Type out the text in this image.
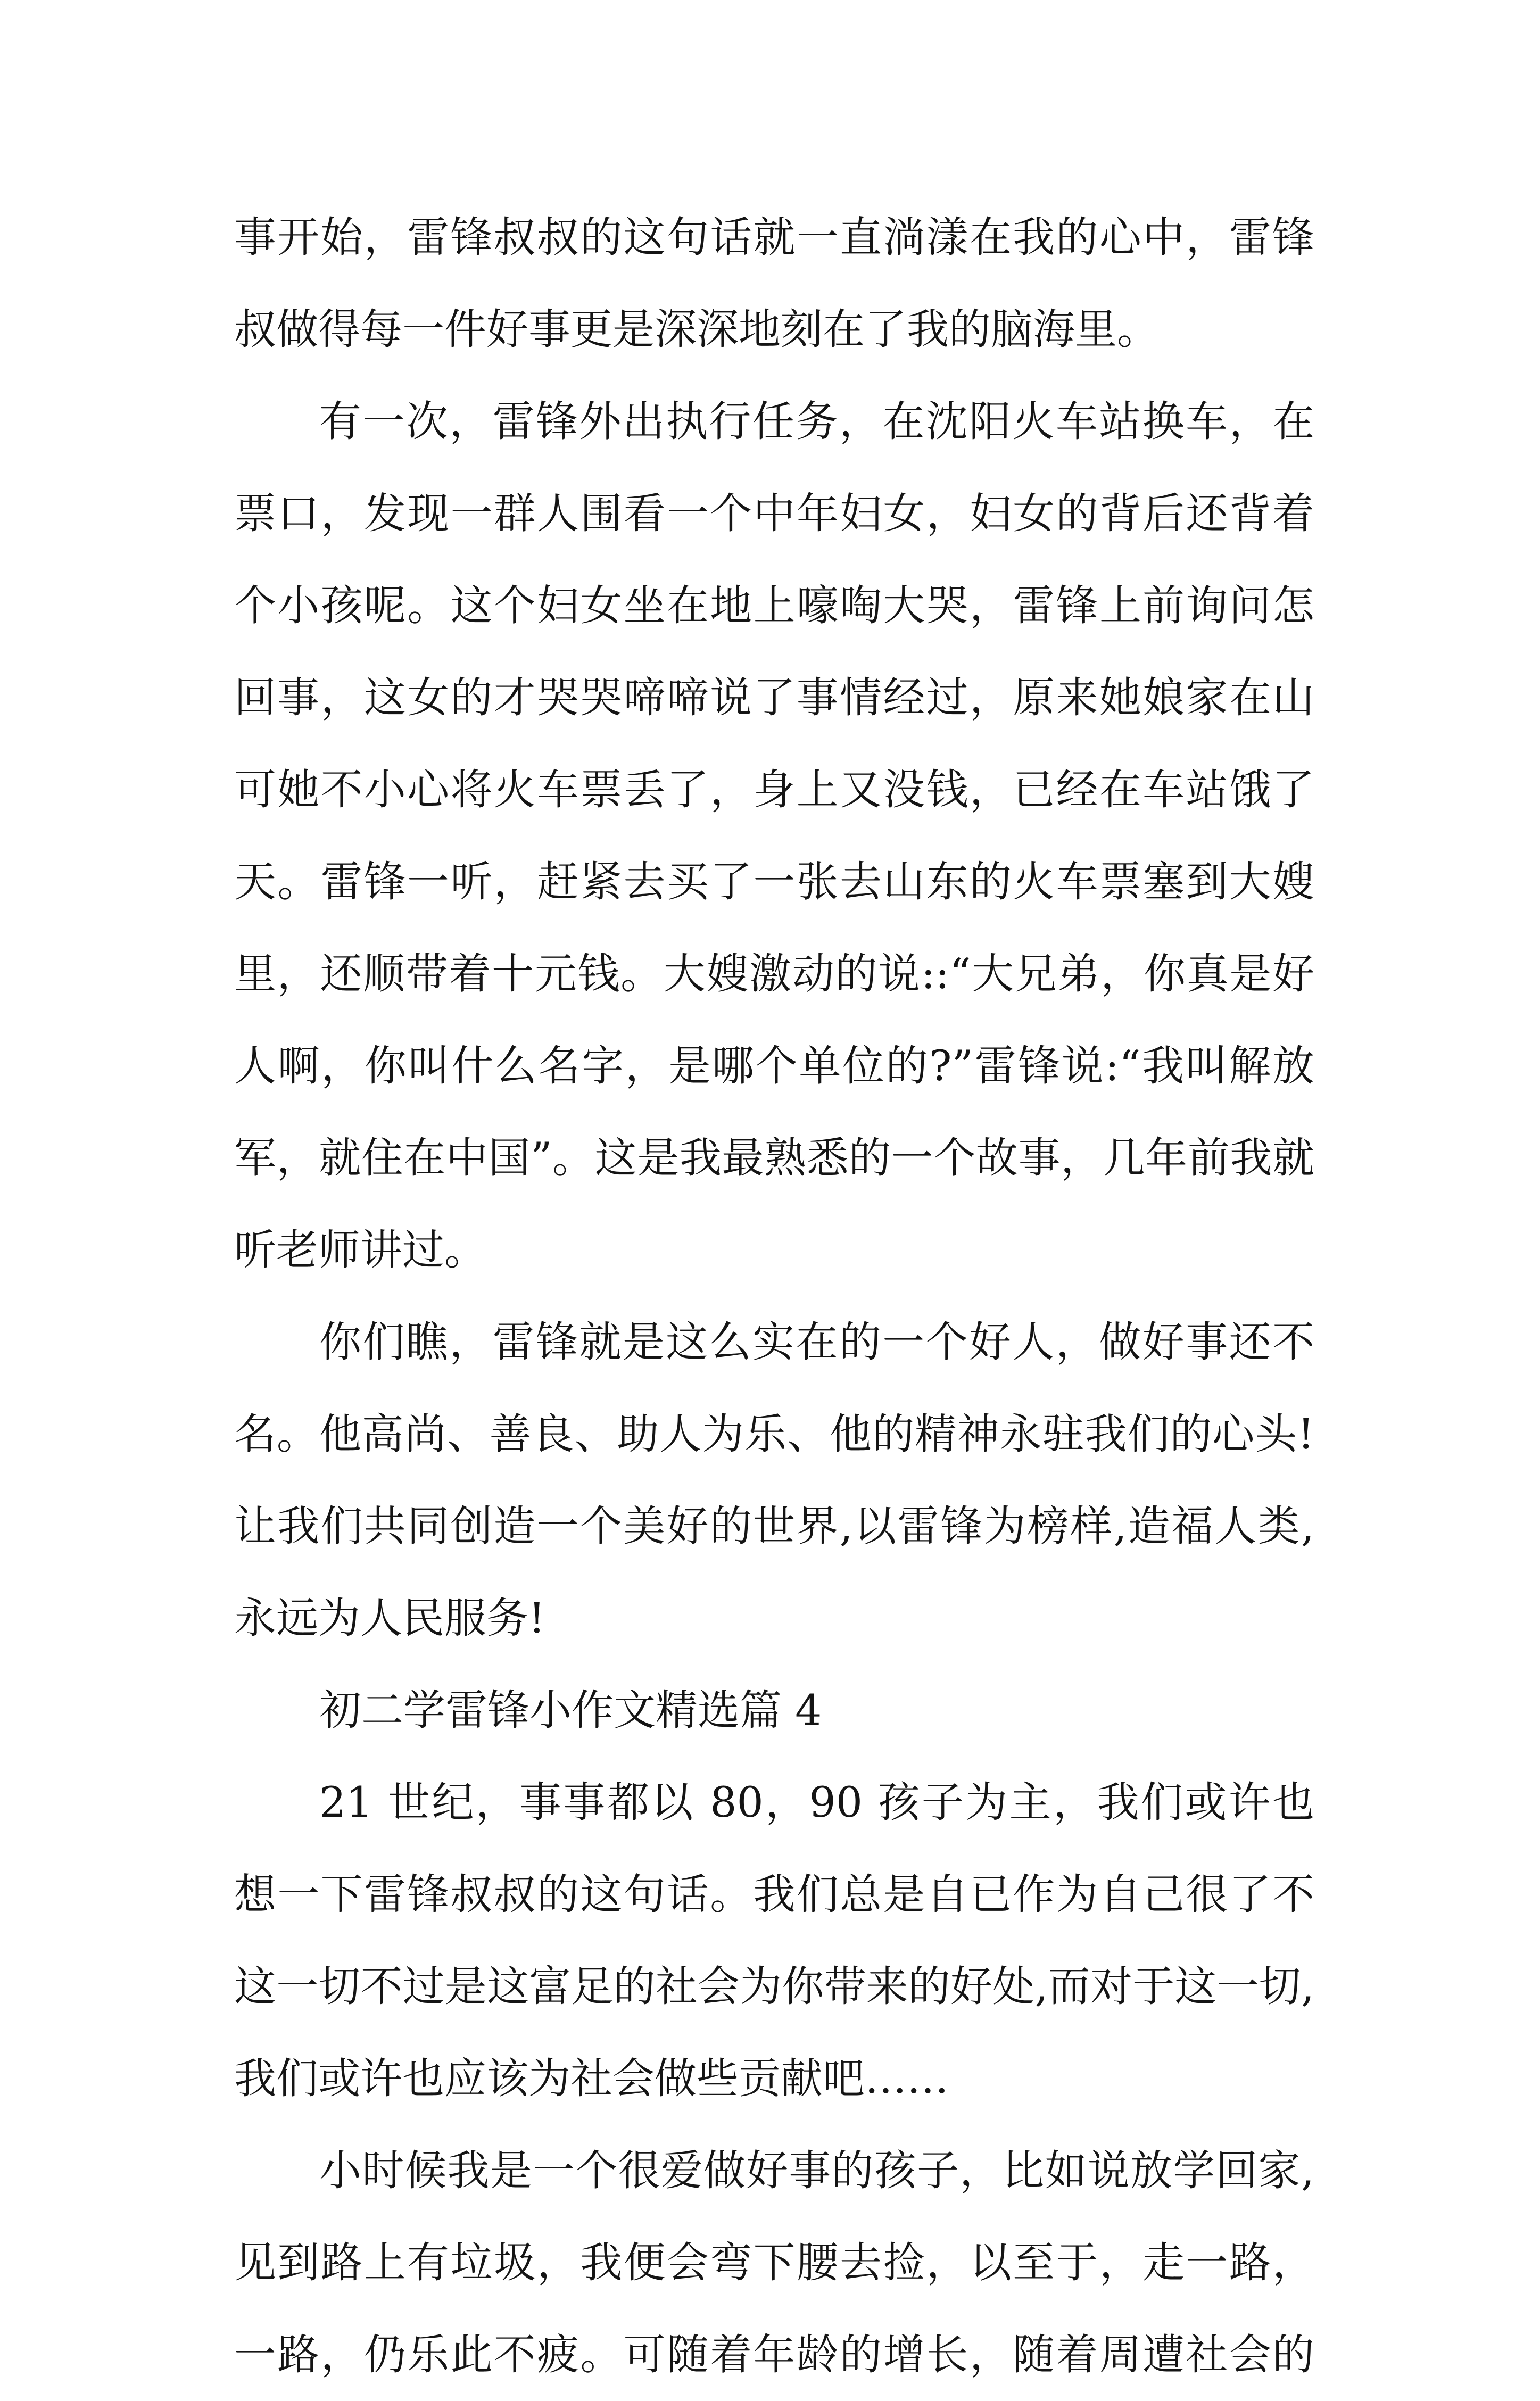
事开始，雷锋叔叔的这句话就一直淌漾在我的心中，雷锋
叔做得每一件好事更是深深地刻在了我的脑海里。
有一次，雷锋外出执行任务，在沈阳火车站换车，在
票口，发现一群人围看一个中年妇女，妇女的背后还背着
个小孩呢。这个妇女坐在地上嚎啕大哭，雷锋上前询问怎
回事，这女的才哭哭啼啼说了事情经过，原来她娘家在山
可她不小心将火车票丢了，身上又没钱，已经在车站饿了
天。雷锋一听，赶紧去买了一张去山东的火车票塞到大嫂
里，还顺带着十元钱。大嫂激动的说::“大兄弟，你真是好
人啊，你叫什么名字，是哪个单位的?”雷锋说:“我叫解放
军，就住在中国”。这是我最熟悉的一个故事，几年前我就
听老师讲过。
你们瞧，雷锋就是这么实在的一个好人，做好事还不
名。他高尚、善良、助人为乐、他的精神永驻我们的心头!
让我们共同创造一个美好的世界,以雷锋为榜样,造福人类,
永远为人民服务!
初二学雷锋小作文精选篇 4
21 世纪，事事都以 80，90 孩子为主，我们或许也
想一下雷锋叔叔的这句话。我们总是自已作为自己很了不
这一切不过是这富足的社会为你带来的好处,而对于这一切,
我们或许也应该为社会做些贡献吧……
小时候我是一个很爱做好事的孩子，比如说放学回家,
见到路上有垃圾，我便会弯下腰去捡，以至于，走一路，
一路，仍乐此不疲。可随着年龄的增长，随着周遭社会的
